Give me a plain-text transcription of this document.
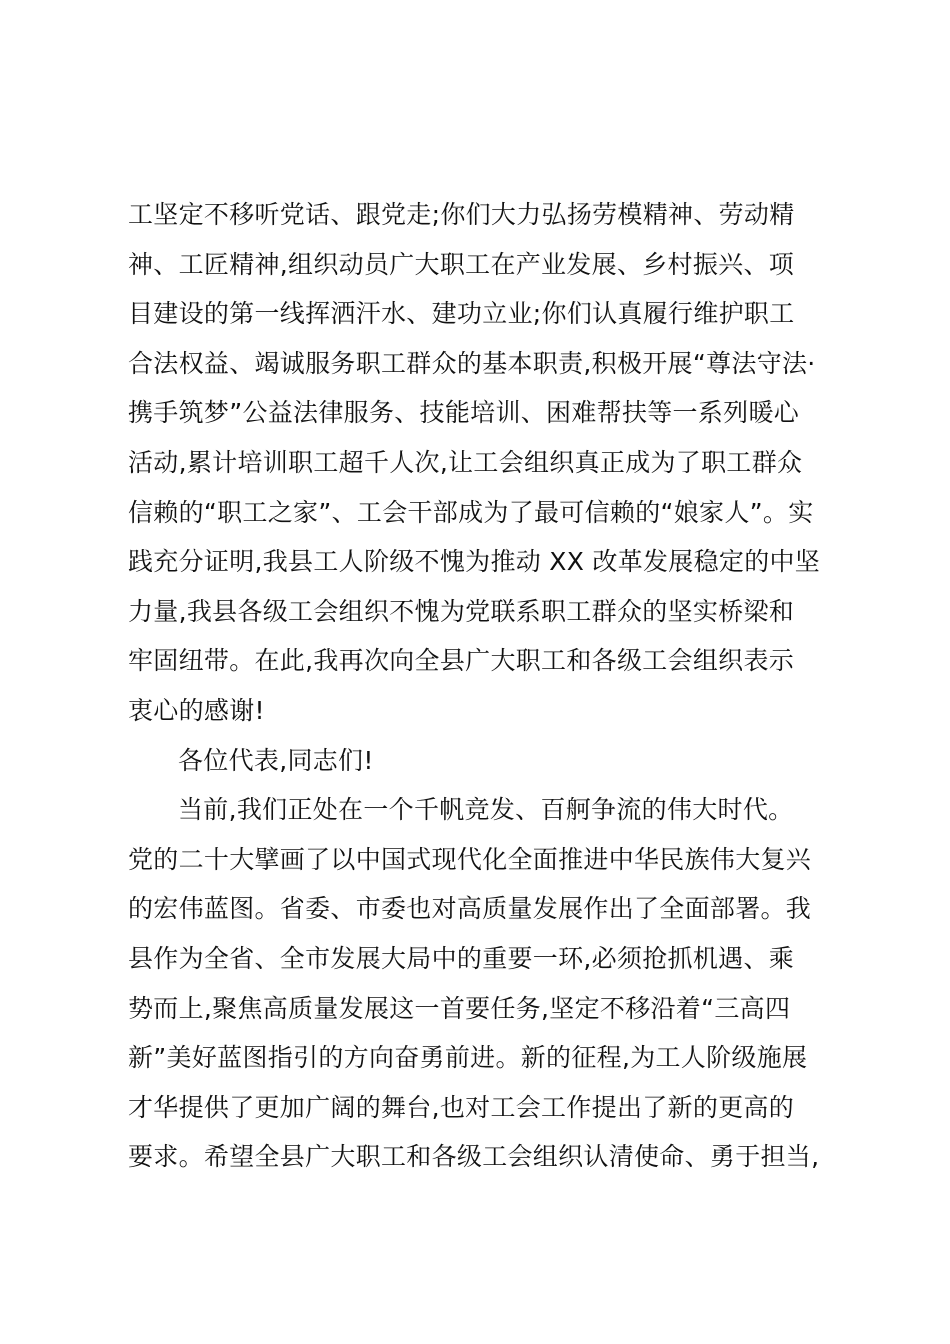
工坚定不移听党话、跟党走;你们大力弘扬劳模精神、劳动精
神、工匠精神,组织动员广大职工在产业发展、乡村振兴、项
目建设的第一线挥洒汗水、建功立业;你们认真履行维护职工
合法权益、竭诚服务职工群众的基本职责,积极开展“尊法守法·
携手筑梦”公益法律服务、技能培训、困难帮扶等一系列暖心
活动,累计培训职工超千人次,让工会组织真正成为了职工群众
信赖的“职工之家”、工会干部成为了最可信赖的“娘家人”。实
践充分证明,我县工人阶级不愧为推动 XX 改革发展稳定的中坚
力量,我县各级工会组织不愧为党联系职工群众的坚实桥梁和
牢固纽带。在此,我再次向全县广大职工和各级工会组织表示
衷心的感谢!
各位代表,同志们!
当前,我们正处在一个千帆竞发、百舸争流的伟大时代。
党的二十大擘画了以中国式现代化全面推进中华民族伟大复兴
的宏伟蓝图。省委、市委也对高质量发展作出了全面部署。我
县作为全省、全市发展大局中的重要一环,必须抢抓机遇、乘
势而上,聚焦高质量发展这一首要任务,坚定不移沿着“三高四
新”美好蓝图指引的方向奋勇前进。新的征程,为工人阶级施展
才华提供了更加广阔的舞台,也对工会工作提出了新的更高的
要求。希望全县广大职工和各级工会组织认清使命、勇于担当,
